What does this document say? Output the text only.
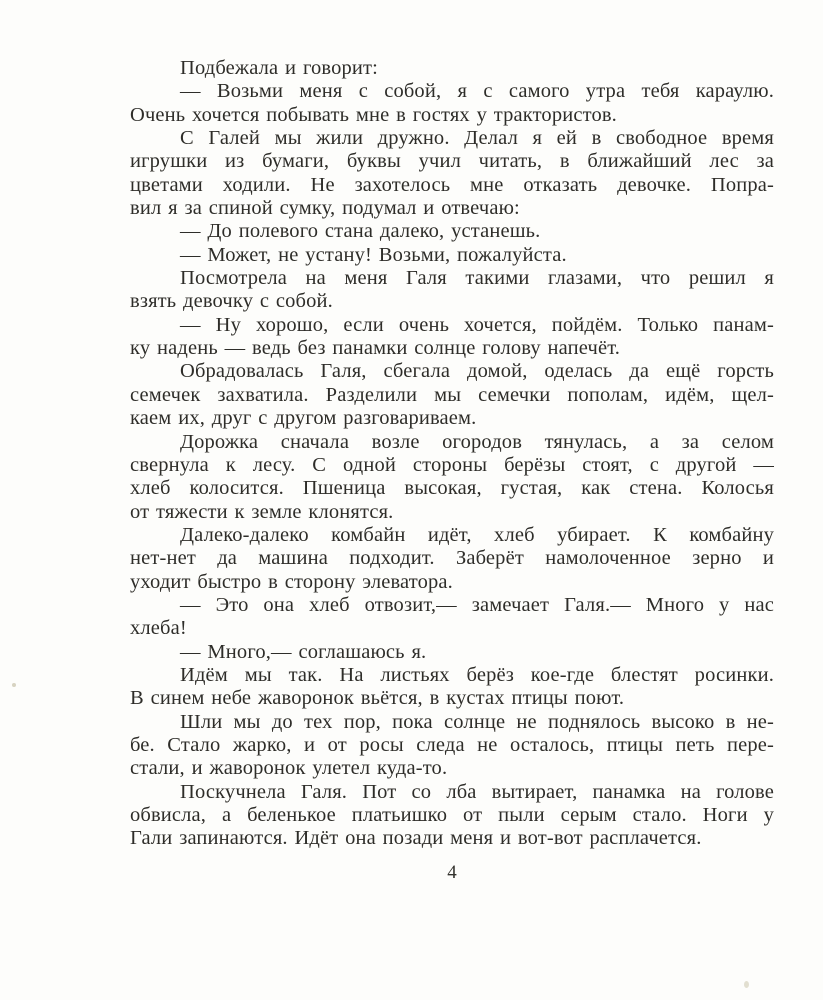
Подбежала и говорит:
— Возьми меня с собой, я с самого утра тебя караулю.
Очень хочется побывать мне в гостях у трактористов.
С Галей мы жили дружно. Делал я ей в свободное время
игрушки из бумаги, буквы учил читать, в ближайший лес за
цветами ходили. Не захотелось мне отказать девочке. Попра-
вил я за спиной сумку, подумал и отвечаю:
— До полевого стана далеко, устанешь.
— Может, не устану! Возьми, пожалуйста.
Посмотрела на меня Галя такими глазами, что решил я
взять девочку с собой.
— Ну хорошо, если очень хочется, пойдём. Только панам-
ку надень — ведь без панамки солнце голову напечёт.
Обрадовалась Галя, сбегала домой, оделась да ещё горсть
семечек захватила. Разделили мы семечки пополам, идём, щел-
каем их, друг с другом разговариваем.
Дорожка сначала возле огородов тянулась, а за селом
свернула к лесу. С одной стороны берёзы стоят, с другой —
хлеб колосится. Пшеница высокая, густая, как стена. Колосья
от тяжести к земле клонятся.
Далеко-далеко комбайн идёт, хлеб убирает. К комбайну
нет-нет да машина подходит. Заберёт намолоченное зерно и
уходит быстро в сторону элеватора.
— Это она хлеб отвозит,— замечает Галя.— Много у нас
хлеба!
— Много,— соглашаюсь я.
Идём мы так. На листьях берёз кое-где блестят росинки.
В синем небе жаворонок вьётся, в кустах птицы поют.
Шли мы до тех пор, пока солнце не поднялось высоко в не-
бе. Стало жарко, и от росы следа не осталось, птицы петь пере-
стали, и жаворонок улетел куда-то.
Поскучнела Галя. Пот со лба вытирает, панамка на голове
обвисла, а беленькое платьишко от пыли серым стало. Ноги у
Гали запинаются. Идёт она позади меня и вот-вот расплачется.
4
